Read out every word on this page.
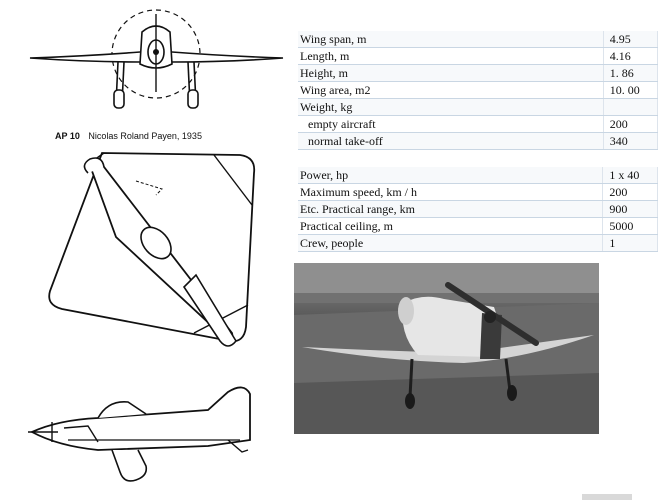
AP 10 Nicolas Roland Payen, 1935
Wing span, m	4.95
Length, m	4.16
Height, m	1. 86
Wing area, m2	10. 00
Weight, kg	
empty aircraft	200
normal take-off	340
Power, hp	1 x 40
Maximum speed, km / h	200
Etc. Practical range, km	900
Practical ceiling, m	5000
Crew, people	1
